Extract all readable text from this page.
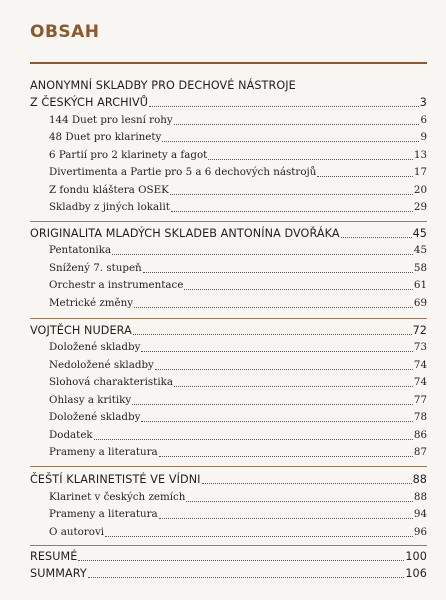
OBSAH
ANONYMNÍ SKLADBY PRO DECHOVÉ NÁSTROJE
Z ČESKÝCH ARCHIVŮ	3
144 Duet pro lesní rohy	6
48 Duet pro klarinety	9
6 Partií pro 2 klarinety a fagot	13
Divertimenta a Partie pro 5 a 6 dechových nástrojů	17
Z fondu kláštera OSEK	20
Skladby z jiných lokalit	29
ORIGINALITA MLADÝCH SKLADEB ANTONÍNA DVOŘÁKA	45
Pentatonika	45
Snížený 7. stupeň	58
Orchestr a instrumentace	61
Metrické změny	69
VOJTĚCH NUDERA	72
Doložené skladby	73
Nedoložené skladby	74
Slohová charakteristika	74
Ohlasy a kritiky	77
Doložené skladby	78
Dodatek	86
Prameny a literatura	87
ČEŠTÍ KLARINETISTÉ VE VÍDNI	88
Klarinet v českých zemích	88
Prameny a literatura	94
O autorovi	96
RESUMÉ	100
SUMMARY	106
